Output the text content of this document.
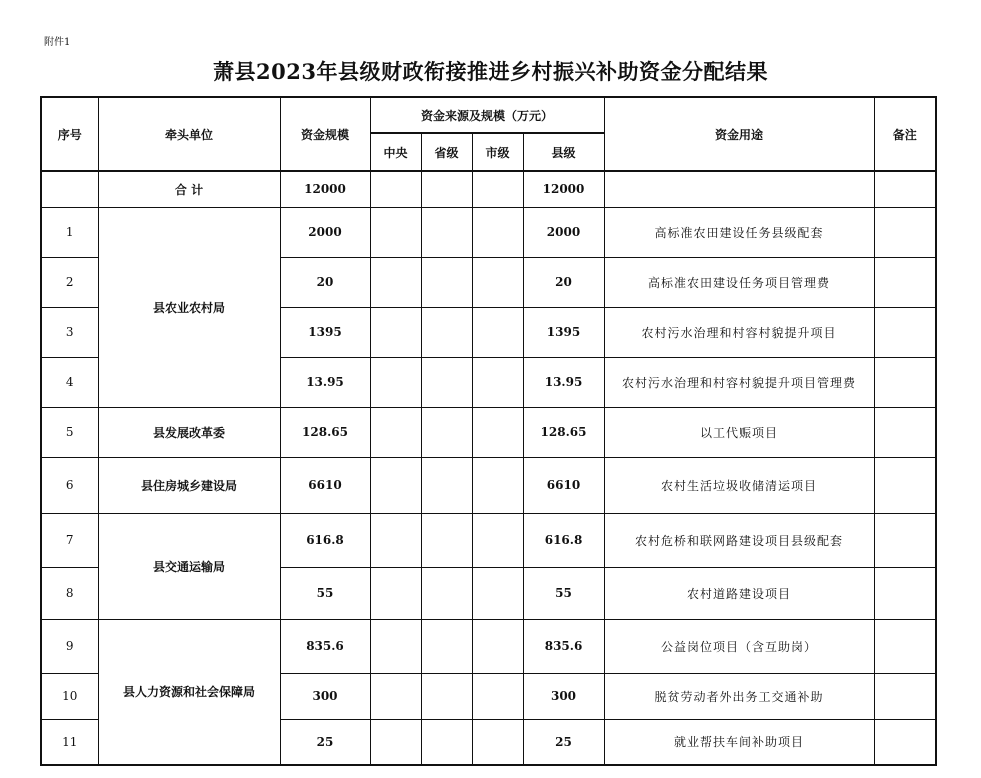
附件1
萧县2023年县级财政衔接推进乡村振兴补助资金分配结果
序号	牵头单位	资金规模	资金来源及规模（万元）				资金用途	备注
			中央	省级	市级	县级		
	合 计	12000				12000		
1	县农业农村局	2000				2000	高标准农田建设任务县级配套	
2		20				20	高标准农田建设任务项目管理费	
3		1395				1395	农村污水治理和村容村貌提升项目	
4		13.95				13.95	农村污水治理和村容村貌提升项目管理费	
5	县发展改革委	128.65				128.65	以工代赈项目	
6	县住房城乡建设局	6610				6610	农村生活垃圾收储清运项目	
7	县交通运输局	616.8				616.8	农村危桥和联网路建设项目县级配套	
8		55				55	农村道路建设项目	
9	县人力资源和社会保障局	835.6				835.6	公益岗位项目（含互助岗）	
10		300				300	脱贫劳动者外出务工交通补助	
11		25				25	就业帮扶车间补助项目	
